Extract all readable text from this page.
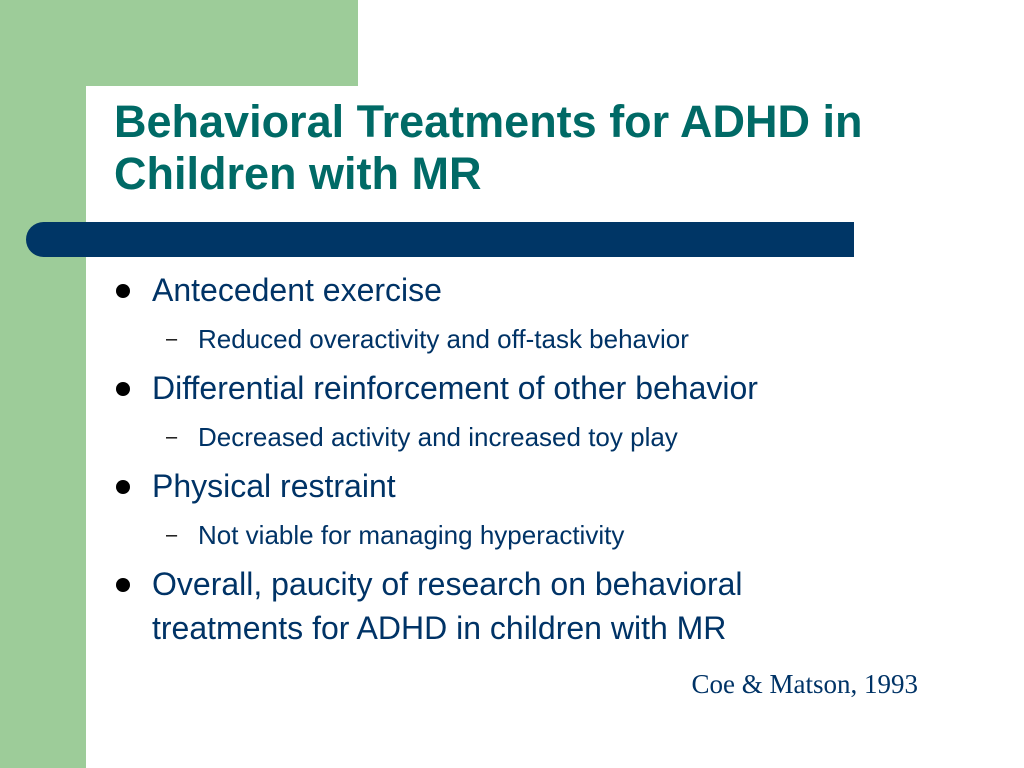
Behavioral Treatments for ADHD in
Children with MR
Antecedent exercise
– Reduced overactivity and off-task behavior
Differential reinforcement of other behavior
– Decreased activity and increased toy play
Physical restraint
– Not viable for managing hyperactivity
Overall, paucity of research on behavioral
treatments for ADHD in children with MR
Coe & Matson, 1993
